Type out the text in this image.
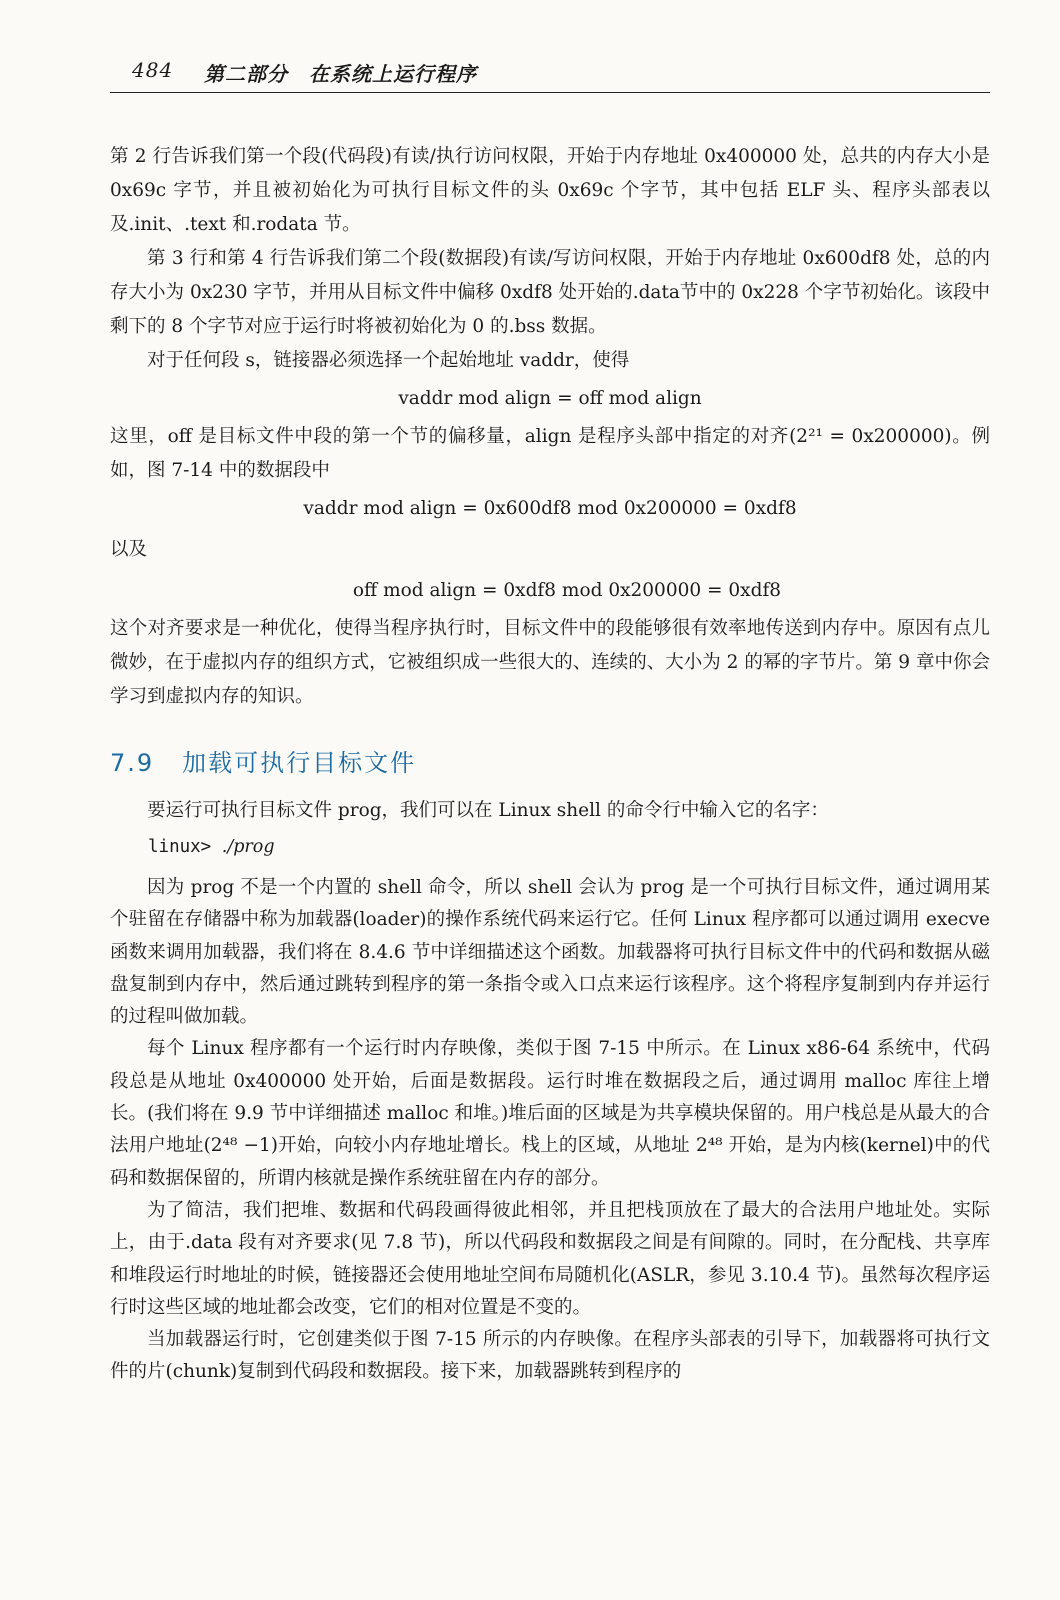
484 第二部分　在系统上运行程序

第 2 行告诉我们第一个段(代码段)有读/执行访问权限，开始于内存地址 0x400000 处，总共的内存大小是 0x69c 字节，并且被初始化为可执行目标文件的头 0x69c 个字节，其中包括 ELF 头、程序头部表以及.init、.text 和.rodata 节。

第 3 行和第 4 行告诉我们第二个段(数据段)有读/写访问权限，开始于内存地址 0x600df8 处，总的内存大小为 0x230 字节，并用从目标文件中偏移 0xdf8 处开始的.data节中的 0x228 个字节初始化。该段中剩下的 8 个字节对应于运行时将被初始化为 0 的.bss 数据。

对于任何段 s，链接器必须选择一个起始地址 vaddr，使得

vaddr mod align = off mod align

这里，off 是目标文件中段的第一个节的偏移量，align 是程序头部中指定的对齐(2²¹ = 0x200000)。例如，图 7-14 中的数据段中

vaddr mod align = 0x600df8 mod 0x200000 = 0xdf8
以及
off mod align = 0xdf8 mod 0x200000 = 0xdf8

这个对齐要求是一种优化，使得当程序执行时，目标文件中的段能够很有效率地传送到内存中。原因有点儿微妙，在于虚拟内存的组织方式，它被组织成一些很大的、连续的、大小为 2 的幂的字节片。第 9 章中你会学习到虚拟内存的知识。

7.9 加载可执行目标文件

要运行可执行目标文件 prog，我们可以在 Linux shell 的命令行中输入它的名字：

linux> ./prog

因为 prog 不是一个内置的 shell 命令，所以 shell 会认为 prog 是一个可执行目标文件，通过调用某个驻留在存储器中称为加载器(loader)的操作系统代码来运行它。任何 Linux 程序都可以通过调用 execve 函数来调用加载器，我们将在 8.4.6 节中详细描述这个函数。加载器将可执行目标文件中的代码和数据从磁盘复制到内存中，然后通过跳转到程序的第一条指令或入口点来运行该程序。这个将程序复制到内存并运行的过程叫做加载。

每个 Linux 程序都有一个运行时内存映像，类似于图 7-15 中所示。在 Linux x86-64 系统中，代码段总是从地址 0x400000 处开始，后面是数据段。运行时堆在数据段之后，通过调用 malloc 库往上增长。(我们将在 9.9 节中详细描述 malloc 和堆。)堆后面的区域是为共享模块保留的。用户栈总是从最大的合法用户地址(2⁴⁸ −1)开始，向较小内存地址增长。栈上的区域，从地址 2⁴⁸ 开始，是为内核(kernel)中的代码和数据保留的，所谓内核就是操作系统驻留在内存的部分。

为了简洁，我们把堆、数据和代码段画得彼此相邻，并且把栈顶放在了最大的合法用户地址处。实际上，由于.data 段有对齐要求(见 7.8 节)，所以代码段和数据段之间是有间隙的。同时，在分配栈、共享库和堆段运行时地址的时候，链接器还会使用地址空间布局随机化(ASLR，参见 3.10.4 节)。虽然每次程序运行时这些区域的地址都会改变，它们的相对位置是不变的。

当加载器运行时，它创建类似于图 7-15 所示的内存映像。在程序头部表的引导下，加载器将可执行文件的片(chunk)复制到代码段和数据段。接下来，加载器跳转到程序的
